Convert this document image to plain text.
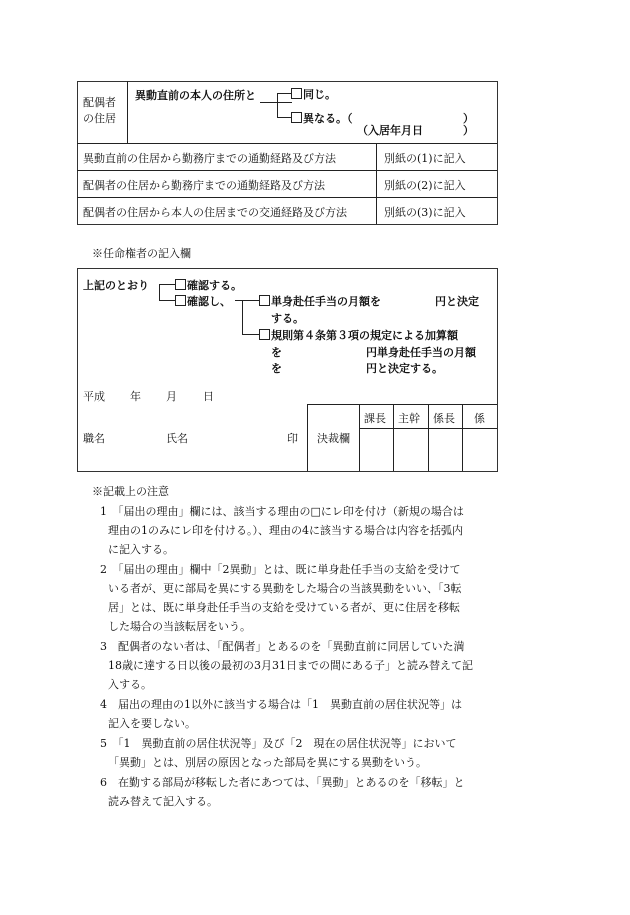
配偶者
の住居
異動直前の本人の住所と	同じ。
異なる。（	）
（入居年月日	）
異動直前の住居から勤務庁までの通勤経路及び方法	別紙の(1)に記入
配偶者の住居から勤務庁までの通勤経路及び方法	別紙の(2)に記入
配偶者の住居から本人の住居までの交通経路及び方法	別紙の(3)に記入
※任命権者の記入欄
上記のとおり	確認する。
確認し、	単身赴任手当の月額を	円と決定
する。
規則第４条第３項の規定による加算額
を	円単身赴任手当の月額
を	円と決定する。
平成 年 月 日
職名	氏名	印 決裁欄
課長 主幹 係長 係

※記載上の注意

1　「届出の理由」欄には、該当する理由の□にレ印を付け（新規の場合は

理由の1のみにレ印を付ける。）、理由の4に該当する場合は内容を括弧内

に記入する。

2　「届出の理由」欄中「2異動」とは、既に単身赴任手当の支給を受けて

いる者が、更に部局を異にする異動をした場合の当該異動をいい、「3転

居」とは、既に単身赴任手当の支給を受けている者が、更に住居を移転

した場合の当該転居をいう。

3　配偶者のない者は、「配偶者」とあるのを「異動直前に同居していた満

18歳に達する日以後の最初の3月31日までの間にある子」と読み替えて記

入する。

4　届出の理由の1以外に該当する場合は「1　異動直前の居住状況等」は

記入を要しない。

5　「1　異動直前の居住状況等」及び「2　現在の居住状況等」において

「異動」とは、別居の原因となった部局を異にする異動をいう。

6　在勤する部局が移転した者にあつては、「異動」とあるのを「移転」と

読み替えて記入する。
